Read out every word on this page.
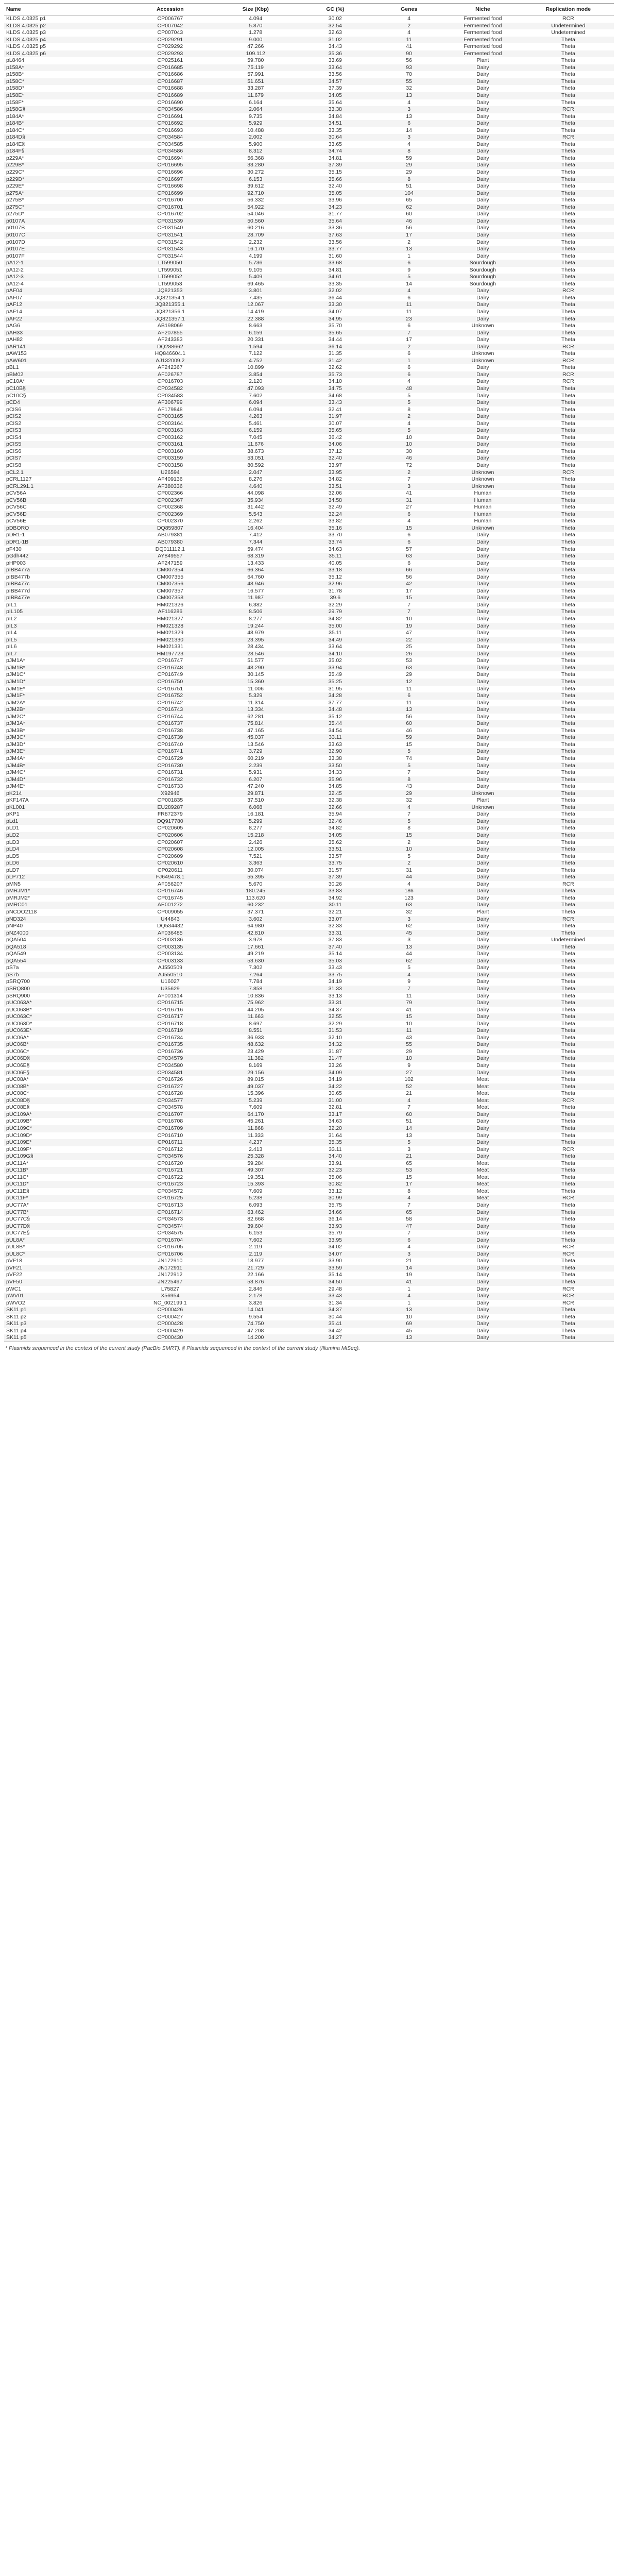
Name	Accession	Size (Kbp)	GC (%)	Genes	Niche	Replication mode
KLDS 4.0325 p1	CP006767	4.094	30.02	4	Fermented food	RCR
KLDS 4.0325 p2	CP007042	5.870	32.54	2	Fermented food	Undetermined
KLDS 4.0325 p3	CP007043	1.278	32.63	4	Fermented food	Undetermined
KLDS 4.0325 p4	CP029291	9.000	31.02	11	Fermented food	Theta
KLDS 4.0325 p5	CP029292	47.266	34.43	41	Fermented food	Theta
KLDS 4.0325 p6	CP029293	109.112	35.36	90	Fermented food	Theta
pL8464	CP025161	59.780	33.69	56	Plant	Theta
p158A*	CP016685	75.119	33.64	93	Dairy	Theta
p158B*	CP016686	57.991	33.56	70	Dairy	Theta
p158C*	CP016687	51.651	34.57	55	Dairy	Theta
p158D*	CP016688	33.287	37.39	32	Dairy	Theta
p158E*	CP016689	11.679	34.05	13	Dairy	Theta
p158F*	CP016690	6.164	35.64	4	Dairy	Theta
p158G§	CP034586	2.064	33.38	3	Dairy	RCR
p184A*	CP016691	9.735	34.84	13	Dairy	Theta
p184B*	CP016692	5.929	34.51	6	Dairy	Theta
p184C*	CP016693	10.488	33.35	14	Dairy	Theta
p184D§	CP034584	2.002	30.64	3	Dairy	RCR
p184E§	CP034585	5.900	33.65	4	Dairy	Theta
p184F§	CP034586	8.312	34.74	8	Dairy	Theta
p229A*	CP016694	56.368	34.81	59	Dairy	Theta
p229B*	CP016695	33.280	37.39	29	Dairy	Theta
p229C*	CP016696	30.272	35.15	29	Dairy	Theta
p229D*	CP016697	6.153	35.66	8	Dairy	Theta
p229E*	CP016698	39.612	32.40	51	Dairy	Theta
p275A*	CP016699	92.710	35.05	104	Dairy	Theta
p275B*	CP016700	56.332	33.96	65	Dairy	Theta
p275C*	CP016701	54.922	34.23	62	Dairy	Theta
p275D*	CP016702	54.046	31.77	60	Dairy	Theta
p0107A	CP031539	50.560	35.64	46	Dairy	Theta
p0107B	CP031540	60.216	33.36	56	Dairy	Theta
p0107C	CP031541	28.709	37.63	17	Dairy	Theta
p0107D	CP031542	2.232	33.56	2	Dairy	Theta
p0107E	CP031543	16.170	33.77	13	Dairy	Theta
p0107F	CP031544	4.199	31.60	1	Dairy	Theta
pA12-1	LT599050	5.736	33.68	6	Sourdough	Theta
pA12-2	LT599051	9.105	34.81	9	Sourdough	Theta
pA12-3	LT599052	5.409	34.61	5	Sourdough	Theta
pA12-4	LT599053	69.465	33.35	14	Sourdough	Theta
pAF04	JQ821353	3.801	32.02	4	Dairy	RCR
pAF07	JQ821354.1	7.435	36.44	6	Dairy	Theta
pAF12	JQ821355.1	12.067	33.30	11	Dairy	Theta
pAF14	JQ821356.1	14.419	34.07	11	Dairy	Theta
pAF22	JQ821357.1	22.388	34.95	23	Dairy	Theta
pAG6	AB198069	8.663	35.70	6	Unknown	Theta
pAH33	AF207855	6.159	35.65	7	Dairy	Theta
pAH82	AF243383	20.331	34.44	17	Dairy	Theta
pAR141	DQ288662	1.594	36.14	2	Dairy	RCR
pAW153	HQ846604.1	7.122	31.35	6	Unknown	Theta
pAW601	AJ132009.2	4.752	31.42	1	Unknown	RCR
pBL1	AF242367	10.899	32.62	6	Dairy	Theta
pBM02	AF026787	3.854	35.73	6	Dairy	RCR
pC10A*	CP016703	2.120	34.10	4	Dairy	RCR
pC10B§	CP034582	47.093	34.75	48	Dairy	Theta
pC10C§	CP034583	7.602	34.68	5	Dairy	Theta
pCD4	AF306799	6.094	33.43	5	Dairy	Theta
pCIS6	AF179848	6.094	32.41	8	Dairy	Theta
pCIS2	CP003165	4.263	31.97	2	Dairy	Theta
pCIS2	CP003164	5.461	30.07	4	Dairy	Theta
pCIS3	CP003163	6.159	35.65	5	Dairy	Theta
pCIS4	CP003162	7.045	36.42	10	Dairy	Theta
pCIS5	CP003161	11.676	34.06	10	Dairy	Theta
pCIS6	CP003160	38.673	37.12	30	Dairy	Theta
pCIS7	CP003159	53.051	32.40	46	Dairy	Theta
pCIS8	CP003158	80.592	33.97	72	Dairy	Theta
pCL2.1	U26594	2.047	33.95	2	Unknown	RCR
pCRL1127	AF409136	8.276	34.82	7	Unknown	Theta
pCRL291.1	AF380336	4.640	33.51	3	Unknown	Theta
pCV56A	CP002366	44.098	32.06	41	Human	Theta
pCV56B	CP002367	35.934	34.58	31	Human	Theta
pCV56C	CP002368	31.442	32.49	27	Human	Theta
pCV56D	CP002369	5.543	32.24	6	Human	Theta
pCV56E	CP002370	2.262	33.82	4	Human	Theta
pDBORO	DQ859807	16.404	35.16	15	Unknown	Theta
pDR1-1	AB079381	7.412	33.70	6	Dairy	Theta
pDR1-1B	AB079380	7.344	33.74	6	Dairy	Theta
pF430	DQ011112.1	59.474	34.63	57	Dairy	Theta
pGdh442	AY849557	68.319	35.11	63	Dairy	Theta
pHP003	AF247159	13.433	40.05	6	Dairy	Theta
pIBB477a	CM007354	66.364	33.18	66	Dairy	Theta
pIBB477b	CM007355	64.760	35.12	56	Dairy	Theta
pIBB477c	CM007356	48.946	32.96	42	Dairy	Theta
pIBB477d	CM007357	16.577	31.78	17	Dairy	Theta
pIBB477e	CM007358	11.987	39.6	15	Dairy	Theta
pIL1	HM021326	6.382	32.29	7	Dairy	Theta
pIL105	AF116286	8.506	29.79	7	Dairy	Theta
pIL2	HM021327	8.277	34.82	10	Dairy	Theta
pIL3	HM021328	19.244	35.00	19	Dairy	Theta
pIL4	HM021329	48.979	35.11	47	Dairy	Theta
pIL5	HM021330	23.395	34.49	22	Dairy	Theta
pIL6	HM021331	28.434	33.64	25	Dairy	Theta
pIL7	HM197723	28.546	34.10	26	Dairy	Theta
pJM1A*	CP016747	51.577	35.02	53	Dairy	Theta
pJM1B*	CP016748	48.290	33.94	63	Dairy	Theta
pJM1C*	CP016749	30.145	35.49	29	Dairy	Theta
pJM1D*	CP016750	15.360	35.25	12	Dairy	Theta
pJM1E*	CP016751	11.006	31.95	11	Dairy	Theta
pJM1F*	CP016752	5.329	34.28	6	Dairy	Theta
pJM2A*	CP016742	11.314	37.77	11	Dairy	Theta
pJM2B*	CP016743	13.334	34.48	13	Dairy	Theta
pJM2C*	CP016744	62.281	35.12	56	Dairy	Theta
pJM3A*	CP016737	75.814	35.44	60	Dairy	Theta
pJM3B*	CP016738	47.165	34.54	46	Dairy	Theta
pJM3C*	CP016739	45.037	33.11	59	Dairy	Theta
pJM3D*	CP016740	13.546	33.63	15	Dairy	Theta
pJM3E*	CP016741	3.729	32.90	5	Dairy	Theta
pJM4A*	CP016729	60.219	33.38	74	Dairy	Theta
pJM4B*	CP016730	2.239	33.50	5	Dairy	Theta
pJM4C*	CP016731	5.931	34.33	7	Dairy	Theta
pJM4D*	CP016732	6.207	35.96	8	Dairy	Theta
pJM4E*	CP016733	47.240	34.85	43	Dairy	Theta
pK214	X92946	29.871	32.45	29	Unknown	Theta
pKF147A	CP001835	37.510	32.38	32	Plant	Theta
pKL001	EU289287	6.068	32.66	4	Unknown	Theta
pKP1	FR872379	16.181	35.94	7	Dairy	Theta
pLd1	DQ917780	5.299	32.46	5	Dairy	Theta
pLD1	CP020605	8.277	34.82	8	Dairy	Theta
pLD2	CP020606	15.218	34.05	15	Dairy	Theta
pLD3	CP020607	2.426	35.62	2	Dairy	Theta
pLD4	CP020608	12.005	33.51	10	Dairy	Theta
pLD5	CP020609	7.521	33.57	5	Dairy	Theta
pLD6	CP020610	3.363	33.75	2	Dairy	Theta
pLD7	CP020611	30.074	31.57	31	Dairy	Theta
pLP712	FJ649478.1	55.395	37.39	44	Dairy	Theta
pMN5	AF056207	5.670	30.26	4	Dairy	RCR
pMRJM1*	CP016746	180.245	33.83	186	Dairy	Theta
pMRJM2*	CP016745	113.620	34.92	123	Dairy	Theta
pMRC01	AE001272	60.232	30.11	63	Dairy	Theta
pNCDO2118	CP009055	37.371	32.21	32	Plant	Theta
pND324	U44843	3.602	33.07	3	Dairy	RCR
pNP40	DQ534432	64.980	32.33	62	Dairy	Theta
pNZ4000	AF036485	42.810	33.31	45	Dairy	Theta
pQA504	CP003136	3.978	37.83	3	Dairy	Undetermined
pQA518	CP003135	17.661	37.40	13	Dairy	Theta
pQA549	CP003134	49.219	35.14	44	Dairy	Theta
pQA554	CP003133	53.630	35.03	62	Dairy	Theta
pS7a	AJ550509	7.302	33.43	5	Dairy	Theta
pS7b	AJ550510	7.264	33.75	4	Dairy	Theta
pSRQ700	U16027	7.784	34.19	9	Dairy	Theta
pSRQ800	U35629	7.858	31.33	7	Dairy	Theta
pSRQ900	AF001314	10.836	33.13	11	Dairy	Theta
pUC063A*	CP016715	75.962	33.31	79	Dairy	Theta
pUC063B*	CP016716	44.205	34.37	41	Dairy	Theta
pUC063C*	CP016717	11.663	32.55	15	Dairy	Theta
pUC063D*	CP016718	8.697	32.29	10	Dairy	Theta
pUC063E*	CP016719	8.551	31.53	11	Dairy	Theta
pUC06A*	CP016734	36.933	32.10	43	Dairy	Theta
pUC06B*	CP016735	48.632	34.32	55	Dairy	Theta
pUC06C*	CP016736	23.429	31.87	29	Dairy	Theta
pUC06D§	CP034579	11.382	31.47	10	Dairy	Theta
pUC06E§	CP034580	8.169	33.26	9	Dairy	Theta
pUC06F§	CP034581	29.156	34.09	27	Dairy	Theta
pUC08A*	CP016726	89.015	34.19	102	Meat	Theta
pUC08B*	CP016727	49.037	34.22	52	Meat	Theta
pUC08C*	CP016728	15.396	30.65	21	Meat	Theta
pUC08D§	CP034577	5.239	31.00	4	Meat	RCR
pUC08E§	CP034578	7.609	32.81	7	Meat	Theta
pUC109A*	CP016707	64.170	33.17	60	Dairy	Theta
pUC109B*	CP016708	45.261	34.63	51	Dairy	Theta
pUC109C*	CP016709	11.868	32.20	14	Dairy	Theta
pUC109D*	CP016710	11.333	31.64	13	Dairy	Theta
pUC109E*	CP016711	4.237	35.35	5	Dairy	Theta
pUC109F*	CP016712	2.413	33.11	3	Dairy	RCR
pUC109G§	CP034576	25.328	34.40	21	Dairy	Theta
pUC11A*	CP016720	59.284	33.91	65	Meat	Theta
pUC11B*	CP016721	49.307	32.23	53	Meat	Theta
pUC11C*	CP016722	19.351	35.06	15	Meat	Theta
pUC11D*	CP016723	15.393	30.82	17	Meat	Theta
pUC11E§	CP034572	7.609	33.12	8	Meat	Theta
pUC11F*	CP016725	5.238	30.99	4	Meat	RCR
pUC77A*	CP016713	6.093	35.75	7	Dairy	Theta
pUC77B*	CP016714	63.462	34.66	65	Dairy	Theta
pUC77C§	CP034573	82.668	36.14	58	Dairy	Theta
pUC77D§	CP034574	39.604	33.93	47	Dairy	Theta
pUC77E§	CP034575	6.153	35.79	7	Dairy	Theta
pUL8A*	CP016704	7.602	33.95	6	Dairy	Theta
pUL8B*	CP016705	2.119	34.02	4	Dairy	RCR
pUL8C*	CP016706	2.119	34.07	3	Dairy	RCR
pVF18	JN172910	18.977	33.90	21	Dairy	Theta
pVF21	JN172911	21.729	33.59	14	Dairy	Theta
pVF22	JN172912	22.166	35.14	19	Dairy	Theta
pVF50	JN225497	53.876	34.50	41	Dairy	Theta
pWC1	L75827	2.846	29.48	1	Dairy	RCR
pWV01	X56954	2.178	33.43	4	Dairy	RCR
pWVO2	NC_002199.1	3.826	31.34	1	Dairy	RCR
SK11 p1	CP000426	14.041	34.37	13	Dairy	Theta
SK11 p2	CP000427	9.554	30.44	10	Dairy	Theta
SK11 p3	CP000428	74.750	35.41	69	Dairy	Theta
SK11 p4	CP000429	47.208	34.42	45	Dairy	Theta
SK11 p5	CP000430	14.200	34.27	13	Dairy	Theta
* Plasmids sequenced in the context of the current study (PacBio SMRT). § Plasmids sequenced in the context of the current study (Illumina MiSeq).
